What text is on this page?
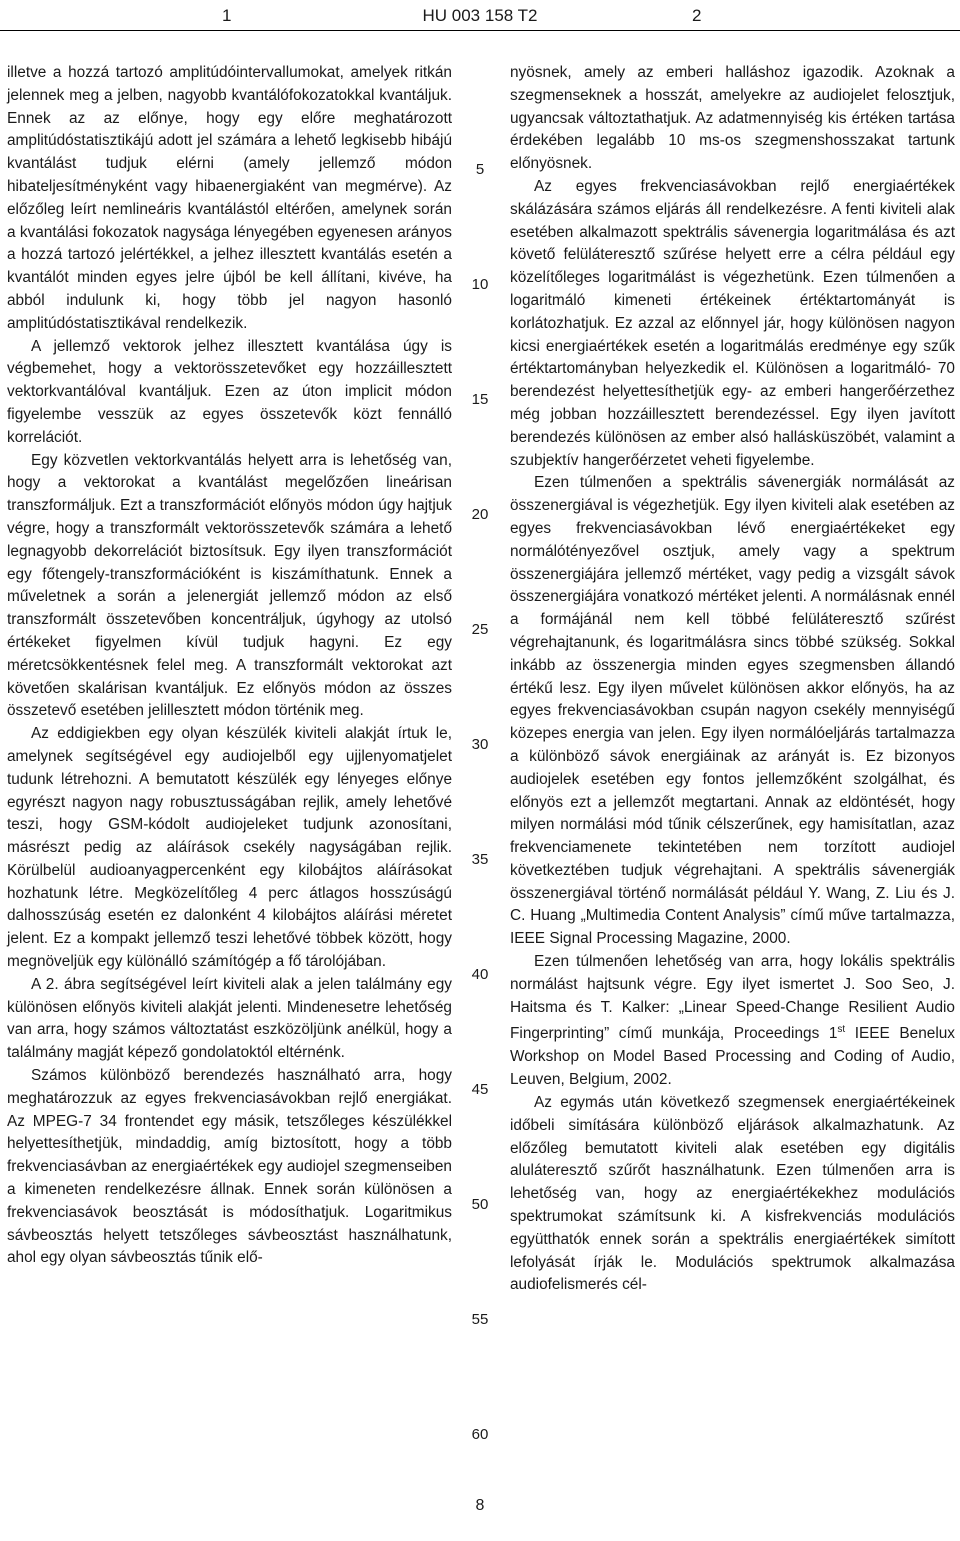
1	HU 003 158 T2	2

illetve a hozzá tartozó amplitúdóintervallumokat, amelyek ritkán jelennek meg a jelben, nagyobb kvantálófokozatokkal kvantáljuk. Ennek az az előnye, hogy egy előre meghatározott amplitúdóstatisztikájú adott jel számára a lehető legkisebb hibájú kvantálást tudjuk elérni (amely jellemző módon hibateljesítményként vagy hibaenergiaként van megmérve). Az előzőleg leírt nemlineáris kvantálástól eltérően, amelynek során a kvantálási fokozatok nagysága lényegében egyenesen arányos a hozzá tartozó jelértékkel, a jelhez illesztett kvantálás esetén a kvantálót minden egyes jelre újból be kell állítani, kivéve, ha abból indulunk ki, hogy több jel nagyon hasonló amplitúdóstatisztikával rendelkezik.

A jellemző vektorok jelhez illesztett kvantálása úgy is végbemehet, hogy a vektorösszetevőket egy hozzáillesztett vektorkvantálóval kvantáljuk. Ezen az úton implicit módon figyelembe vesszük az egyes összetevők közt fennálló korrelációt.

Egy közvetlen vektorkvantálás helyett arra is lehetőség van, hogy a vektorokat a kvantálást megelőzően lineárisan transzformáljuk. Ezt a transzformációt előnyös módon úgy hajtjuk végre, hogy a transzformált vektorösszetevők számára a lehető legnagyobb dekorrelációt biztosítsuk. Egy ilyen transzformációt egy főtengely-transzformációként is kiszámíthatunk. Ennek a műveletnek a során a jelenergiát jellemző módon az első transzformált összetevőben koncentráljuk, úgyhogy az utolsó értékeket figyelmen kívül tudjuk hagyni. Ez egy méretcsökkentésnek felel meg. A transzformált vektorokat azt követően skalárisan kvantáljuk. Ez előnyös módon az összes összetevő esetében jelillesztett módon történik meg.

Az eddigiekben egy olyan készülék kiviteli alakját írtuk le, amelynek segítségével egy audiojelből egy ujjlenyomatjelet tudunk létrehozni. A bemutatott készülék egy lényeges előnye egyrészt nagyon nagy robusztusságában rejlik, amely lehetővé teszi, hogy GSM-kódolt audiojeleket tudjunk azonosítani, másrészt pedig az aláírások csekély nagyságában rejlik. Körülbelül audioanyagpercenként egy kilobájtos aláírásokat hozhatunk létre. Megközelítőleg 4 perc átlagos hosszúságú dalhosszúság esetén ez dalonként 4 kilobájtos aláírási méretet jelent. Ez a kompakt jellemző teszi lehetővé többek között, hogy megnöveljük egy különálló számítógép a fő tárolójában.

A 2. ábra segítségével leírt kiviteli alak a jelen találmány egy különösen előnyös kiviteli alakját jelenti. Mindenesetre lehetőség van arra, hogy számos változtatást eszközöljünk anélkül, hogy a találmány magját képező gondolatoktól eltérnénk.

Számos különböző berendezés használható arra, hogy meghatározzuk az egyes frekvenciasávokban rejlő energiákat. Az MPEG-7 34 frontendet egy másik, tetszőleges készülékkel helyettesíthetjük, mindaddig, amíg biztosított, hogy a több frekvenciasávban az energiaértékek egy audiojel szegmenseiben a kimeneten rendelkezésre állnak. Ennek során különösen a frekvenciasávok beosztását is módosíthatjuk. Logaritmikus sávbeosztás helyett tetszőleges sávbeosztást használhatunk, ahol egy olyan sávbeosztás tűnik elő-

nyösnek, amely az emberi halláshoz igazodik. Azoknak a szegmenseknek a hosszát, amelyekre az audiojelet felosztjuk, ugyancsak változtathatjuk. Az adatmennyiség kis értéken tartása érdekében legalább 10 ms-os szegmenshosszakat tartunk előnyösnek.

Az egyes frekvenciasávokban rejlő energiaértékek skálázására számos eljárás áll rendelkezésre. A fenti kiviteli alak esetében alkalmazott spektrális sávenergia logaritmálása és azt követő felüláteresztő szűrése helyett erre a célra például egy közelítőleges logaritmálást is végezhetünk. Ezen túlmenően a logaritmáló kimeneti értékeinek értéktartományát is korlátozhatjuk. Ez azzal az előnnyel jár, hogy különösen nagyon kicsi energiaértékek esetén a logaritmálás eredménye egy szűk értéktartományban helyezkedik el. Különösen a logaritmáló- 70 berendezést helyettesíthetjük egy- az emberi hangerőérzethez még jobban hozzáillesztett berendezéssel. Egy ilyen javított berendezés különösen az ember alsó hallásküszöbét, valamint a szubjektív hangerőérzetet veheti figyelembe.

Ezen túlmenően a spektrális sávenergiák normálását az összenergiával is végezhetjük. Egy ilyen kiviteli alak esetében az egyes frekvenciasávokban lévő energiaértékeket egy normálótényezővel osztjuk, amely vagy a spektrum összenergiájára jellemző mértéket, vagy pedig a vizsgált sávok összenergiájára vonatkozó mértéket jelenti. A normálásnak ennél a formájánál nem kell többé felüláteresztő szűrést végrehajtanunk, és logaritmálásra sincs többé szükség. Sokkal inkább az összenergia minden egyes szegmensben állandó értékű lesz. Egy ilyen művelet különösen akkor előnyös, ha az egyes frekvenciasávokban csupán nagyon csekély mennyiségű közepes energia van jelen. Egy ilyen normálóeljárás tartalmazza a különböző sávok energiáinak az arányát is. Ez bizonyos audiojelek esetében egy fontos jellemzőként szolgálhat, és előnyös ezt a jellemzőt megtartani. Annak az eldöntését, hogy milyen normálási mód tűnik célszerűnek, egy hamisítatlan, azaz frekvenciamenete tekintetében nem torzított audiojel következtében tudjuk végrehajtani. A spektrális sávenergiák összenergiával történő normálását például Y. Wang, Z. Liu és J. C. Huang „Multimedia Content Analysis” című műve tartalmazza, IEEE Signal Processing Magazine, 2000.

Ezen túlmenően lehetőség van arra, hogy lokális spektrális normálást hajtsunk végre. Egy ilyet ismertet J. Soo Seo, J. Haitsma és T. Kalker: „Linear Speed-Change Resilient Audio Fingerprinting” című munkája, Proceedings 1st IEEE Benelux Workshop on Model Based Processing and Coding of Audio, Leuven, Belgium, 2002.

Az egymás után következő szegmensek energiaértékeinek időbeli simítására különböző eljárások alkalmazhatunk. Az előzőleg bemutatott kiviteli alak esetében egy digitális aluláteresztő szűrőt használhatunk. Ezen túlmenően arra is lehetőség van, hogy az energiaértékekhez modulációs spektrumokat számítsunk ki. A kisfrekvenciás modulációs együtthatók ennek során a spektrális energiaértékek simított lefolyását írják le. Modulációs spektrumok alkalmazása audiofelismerés cél-

5
10
15
20
25
30
35
40
45
50
55
60
8
